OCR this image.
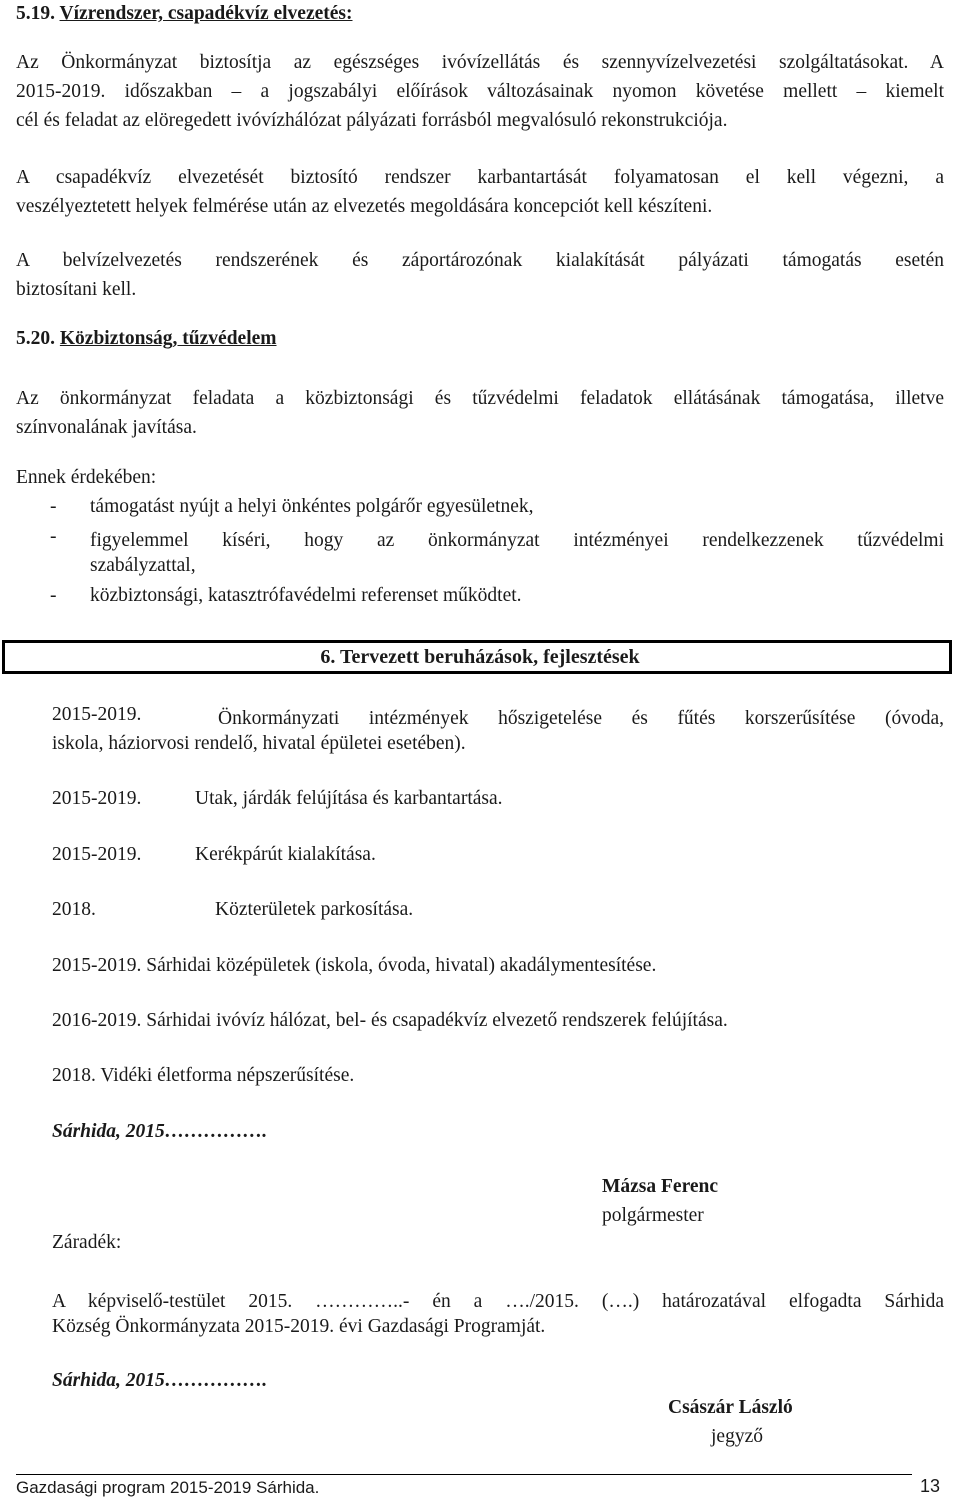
5.19. Vízrendszer, csapadékvíz elvezetés:
Az Önkormányzat biztosítja az egészséges ivóvízellátás és szennyvízelvezetési szolgáltatásokat. A
2015-2019. időszakban – a jogszabályi előírások változásainak nyomon követése mellett – kiemelt
cél és feladat az elöregedett ivóvízhálózat pályázati forrásból megvalósuló rekonstrukciója.
A csapadékvíz elvezetését biztosító rendszer karbantartását folyamatosan el kell végezni, a
veszélyeztetett helyek felmérése után az elvezetés megoldására koncepciót kell készíteni.
A belvízelvezetés rendszerének és záportározónak kialakítását pályázati támogatás esetén
biztosítani kell.
5.20. Közbiztonság, tűzvédelem
Az önkormányzat feladata a közbiztonsági és tűzvédelmi feladatok ellátásának támogatása, illetve
színvonalának javítása.
Ennek érdekében:
- támogatást nyújt a helyi önkéntes polgárőr egyesületnek,
- figyelemmel kíséri, hogy az önkormányzat intézményei rendelkezzenek tűzvédelmi
szabályzattal,
- közbiztonsági, katasztrófavédelmi referenset működtet.
6. Tervezett beruházások, fejlesztések
2015-2019.	Önkormányzati intézmények hőszigetelése és fűtés korszerűsítése (óvoda,
iskola, háziorvosi rendelő, hivatal épületei esetében).
2015-2019.	Utak, járdák felújítása és karbantartása.
2015-2019.	Kerékpárút kialakítása.
2018.	Közterületek parkosítása.
2015-2019. Sárhidai középületek (iskola, óvoda, hivatal) akadálymentesítése.
2016-2019. Sárhidai ivóvíz hálózat, bel- és csapadékvíz elvezető rendszerek felújítása.
2018. Vidéki életforma népszerűsítése.
Sárhida, 2015…………….
Mázsa Ferenc
polgármester
Záradék:
A képviselő-testület 2015. …………..- én a …./2015. (….) határozatával elfogadta Sárhida
Község Önkormányzata 2015-2019. évi Gazdasági Programját.
Sárhida, 2015…………….
Császár László
jegyző
Gazdasági program 2015-2019 Sárhida.	13
